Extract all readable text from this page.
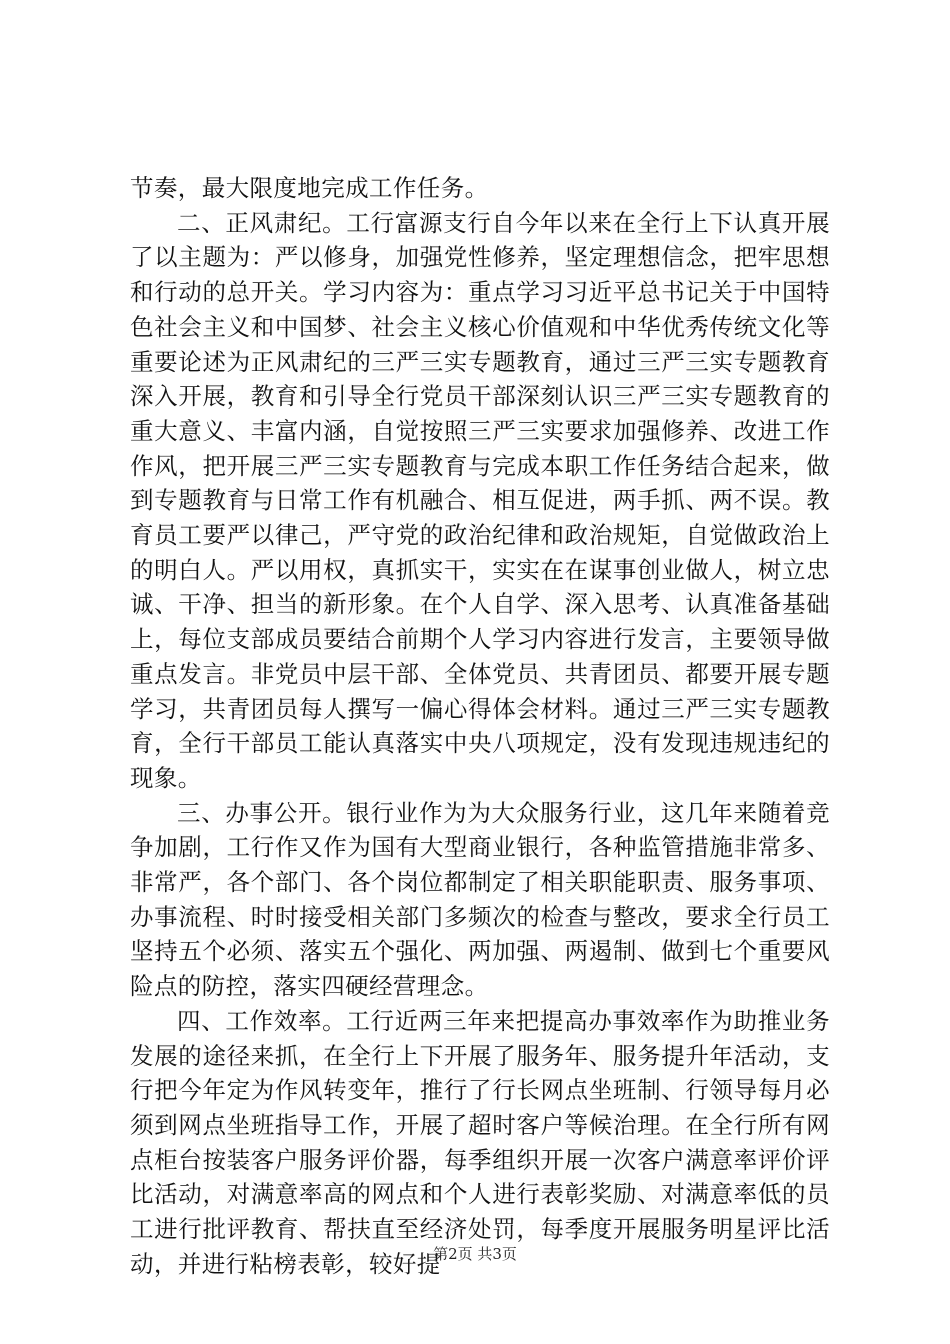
节奏，最大限度地完成工作任务。

二、正风肃纪。工行富源支行自今年以来在全行上下认真开展了以主题为：严以修身，加强党性修养，坚定理想信念，把牢思想和行动的总开关。学习内容为：重点学习习近平总书记关于中国特色社会主义和中国梦、社会主义核心价值观和中华优秀传统文化等重要论述为正风肃纪的三严三实专题教育，通过三严三实专题教育深入开展，教育和引导全行党员干部深刻认识三严三实专题教育的重大意义、丰富内涵，自觉按照三严三实要求加强修养、改进工作作风，把开展三严三实专题教育与完成本职工作任务结合起来，做到专题教育与日常工作有机融合、相互促进，两手抓、两不误。教育员工要严以律己，严守党的政治纪律和政治规矩，自觉做政治上的明白人。严以用权，真抓实干，实实在在谋事创业做人，树立忠诚、干净、担当的新形象。在个人自学、深入思考、认真准备基础上，每位支部成员要结合前期个人学习内容进行发言，主要领导做重点发言。非党员中层干部、全体党员、共青团员、都要开展专题学习，共青团员每人撰写一偏心得体会材料。通过三严三实专题教育，全行干部员工能认真落实中央八项规定，没有发现违规违纪的现象。

三、办事公开。银行业作为为大众服务行业，这几年来随着竞争加剧，工行作又作为国有大型商业银行，各种监管措施非常多、非常严，各个部门、各个岗位都制定了相关职能职责、服务事项、办事流程、时时接受相关部门多频次的检查与整改，要求全行员工坚持五个必须、落实五个强化、两加强、两遏制、做到七个重要风险点的防控，落实四硬经营理念。

四、工作效率。工行近两三年来把提高办事效率作为助推业务发展的途径来抓，在全行上下开展了服务年、服务提升年活动，支行把今年定为作风转变年，推行了行长网点坐班制、行领导每月必须到网点坐班指导工作，开展了超时客户等候治理。在全行所有网点柜台按装客户服务评价器，每季组织开展一次客户满意率评价评比活动，对满意率高的网点和个人进行表彰奖励、对满意率低的员工进行批评教育、帮扶直至经济处罚，每季度开展服务明星评比活动，并进行粘榜表彰，较好提

第2页 共3页
